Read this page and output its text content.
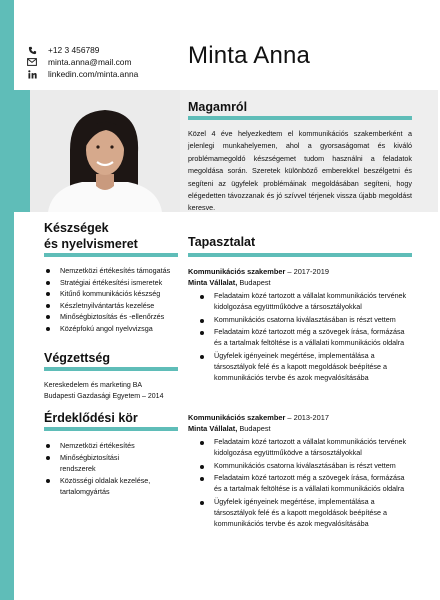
+12 3 456789
minta.anna@mail.com
linkedin.com/minta.anna
Minta Anna
Magamról
Közel 4 éve helyezkedtem el kommunikációs szakemberként a jelenlegi munkahelyemen, ahol a gyorsaságomat és kiváló problémamegoldó készségemet tudom használni a feladatok megoldása során. Szeretek különböző emberekkel beszélgetni és segíteni az ügyfelek problémáinak megoldásában segíteni, hogy elégedetten távozzanak és jó szívvel térjenek vissza újabb megoldást keresve.
Készségek
és nyelvismeret
Nemzetközi értékesítés támogatás
Stratégiai értékesítési ismeretek
Kitűnő kommunikációs készség
Készletnyilvántartás kezelése
Minőségbiztosítás és -ellenőrzés
Középfokú angol nyelvvizsga
Végzettség
Kereskedelem és marketing BA
Budapesti Gazdasági Egyetem – 2014
Érdeklődési kör
Nemzetközi értékesítés
Minőségbiztosítási rendszerek
Közösségi oldalak kezelése, tartalomgyártás
Tapasztalat
Kommunikációs szakember – 2017-2019
Minta Vállalat, Budapest
Feladataim közé tartozott a vállalat kommunikációs tervének kidolgozása együttműködve a társosztályokkal
Kommunikációs csatorna kiválasztásában is részt vettem
Feladataim közé tartozott még a szövegek írása, formázása és a tartalmak feltöltése is a vállalati kommunikációs oldalra
Ügyfelek igényeinek megértése, implementálása a társosztályok felé és a kapott megoldások beépítése a kommunikációs tervbe és azok megvalósításába
Kommunikációs szakember – 2013-2017
Minta Vállalat, Budapest
Feladataim közé tartozott a vállalat kommunikációs tervének kidolgozása együttműködve a társosztályokkal
Kommunikációs csatorna kiválasztásában is részt vettem
Feladataim közé tartozott még a szövegek írása, formázása és a tartalmak feltöltése is a vállalati kommunikációs oldalra
Ügyfelek igényeinek megértése, implementálása a társosztályok felé és a kapott megoldások beépítése a kommunikációs tervbe és azok megvalósításába
